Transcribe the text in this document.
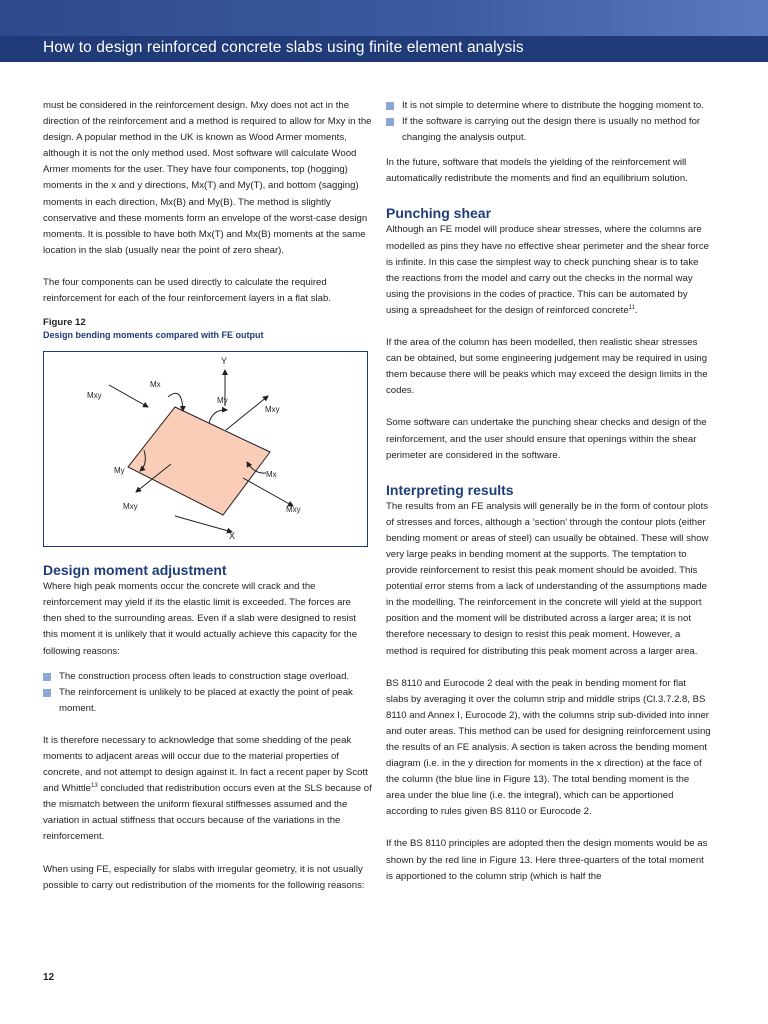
How to design reinforced concrete slabs using finite element analysis

must be considered in the reinforcement design. Mxy does not act in the direction of the reinforcement and a method is required to allow for Mxy in the design. A popular method in the UK is known as Wood Armer moments, although it is not the only method used. Most software will calculate Wood Armer moments for the user. They have four components, top (hogging) moments in the x and y directions, Mx(T) and My(T), and bottom (sagging) moments in each direction, Mx(B) and My(B). The method is slightly conservative and these moments form an envelope of the worst-case design moments. It is possible to have both Mx(T) and Mx(B) moments at the same location in the slab (usually near the point of zero shear).

The four components can be used directly to calculate the required reinforcement for each of the four reinforcement layers in a flat slab.

Figure 12
Design bending moments compared with FE output
Y
X
Mx
Mxy
My
Mxy
My	Mx
Mxy	Mxy
Design moment adjustment

Where high peak moments occur the concrete will crack and the reinforcement may yield if its the elastic limit is exceeded. The forces are then shed to the surrounding areas. Even if a slab were designed to resist this moment it is unlikely that it would actually achieve this capacity for the following reasons:

The construction process often leads to construction stage overload.
The reinforcement is unlikely to be placed at exactly the point of peak moment.

It is therefore necessary to acknowledge that some shedding of the peak moments to adjacent areas will occur due to the material properties of concrete, and not attempt to design against it. In fact a recent paper by Scott and Whittle$^{13}$ concluded that redistribution occurs even at the SLS because of the mismatch between the uniform flexural stiffnesses assumed and the variation in actual stiffness that occurs because of the variations in the reinforcement.

When using FE, especially for slabs with irregular geometry, it is not usually possible to carry out redistribution of the moments for the following reasons:

It is not simple to determine where to distribute the hogging moment to.
If the software is carrying out the design there is usually no method for changing the analysis output.

In the future, software that models the yielding of the reinforcement will automatically redistribute the moments and find an equilibrium solution.

Punching shear

Although an FE model will produce shear stresses, where the columns are modelled as pins they have no effective shear perimeter and the shear force is infinite. In this case the simplest way to check punching shear is to take the reactions from the model and carry out the checks in the normal way using the provisions in the codes of practice. This can be automated by using a spreadsheet for the design of reinforced concrete$^{11}$.

If the area of the column has been modelled, then realistic shear stresses can be obtained, but some engineering judgement may be required in using them because there will be peaks which may exceed the design limits in the codes.

Some software can undertake the punching shear checks and design of the reinforcement, and the user should ensure that openings within the shear perimeter are considered in the software.

Interpreting results

The results from an FE analysis will generally be in the form of contour plots of stresses and forces, although a ‘section’ through the contour plots (either bending moment or areas of steel) can usually be obtained. These will show very large peaks in bending moment at the supports. The temptation to provide reinforcement to resist this peak moment should be avoided. This potential error stems from a lack of understanding of the assumptions made in the modelling. The reinforcement in the concrete will yield at the support position and the moment will be distributed across a larger area; it is not therefore necessary to design to resist this peak moment. However, a method is required for distributing this peak moment across a larger area.

BS 8110 and Eurocode 2 deal with the peak in bending moment for flat slabs by averaging it over the column strip and middle strips (Cl.3.7.2.8, BS 8110 and Annex I, Eurocode 2), with the columns strip sub-divided into inner and outer areas. This method can be used for designing reinforcement using the results of an FE analysis. A section is taken across the bending moment diagram (i.e. in the y direction for moments in the x direction) at the face of the column (the blue line in Figure 13). The total bending moment is the area under the blue line (i.e. the integral), which can be apportioned according to rules given BS 8110 or Eurocode 2.

If the BS 8110 principles are adopted then the design moments would be as shown by the red line in Figure 13. Here three-quarters of the total moment is apportioned to the column strip (which is half the

12
